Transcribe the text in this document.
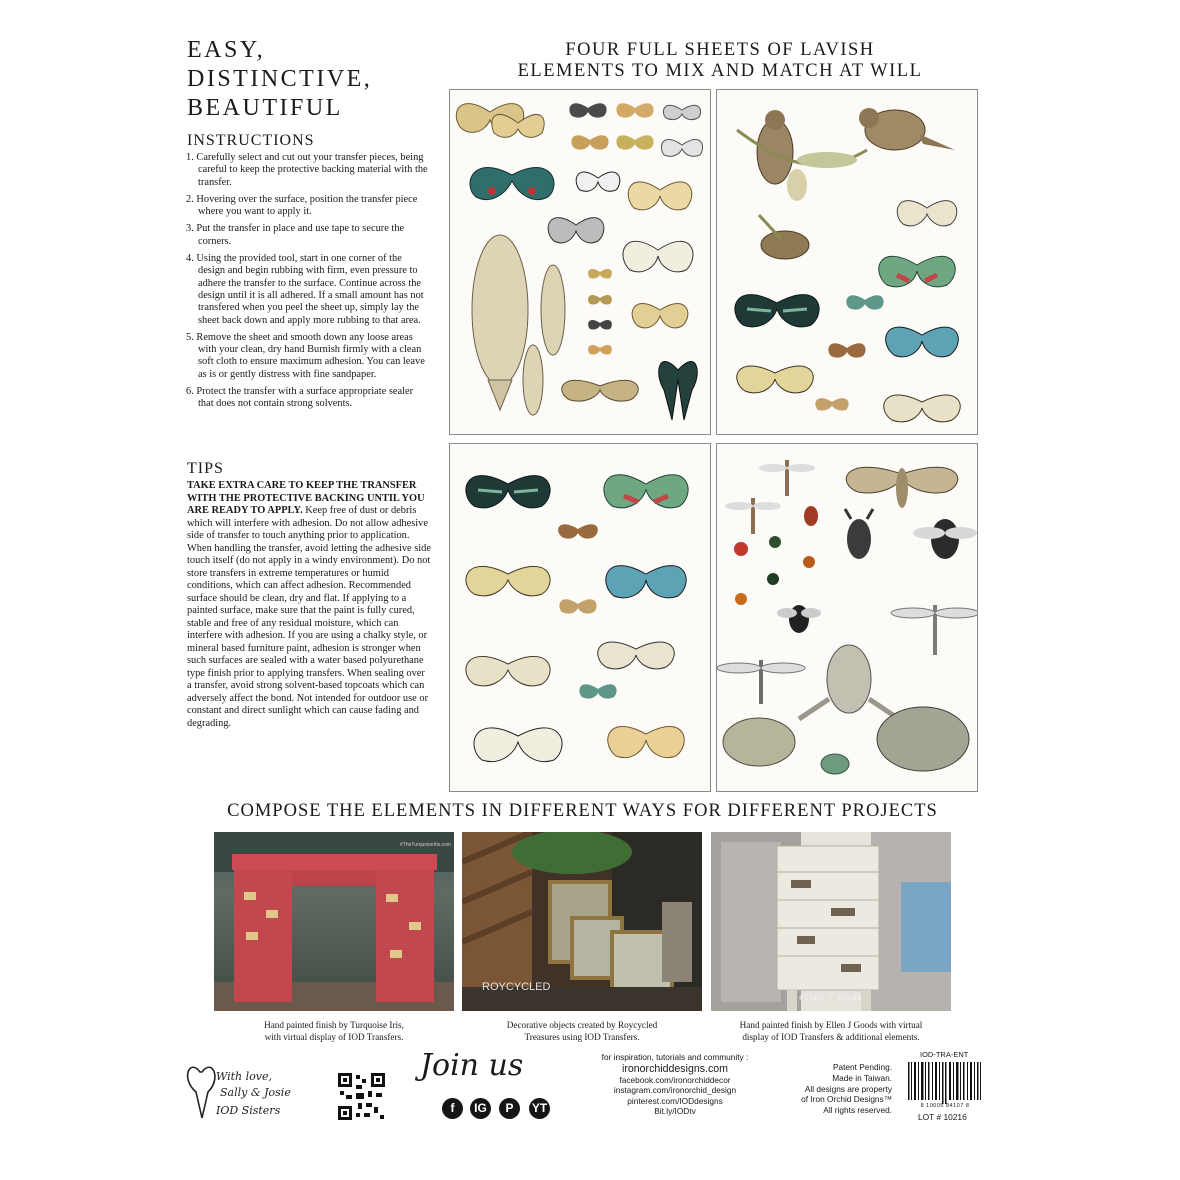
EASY,
DISTINCTIVE,
BEAUTIFUL
INSTRUCTIONS
1. Carefully select and cut out your transfer pieces, being careful to keep the protective backing material with the transfer.
2. Hovering over the surface, position the transfer piece where you want to apply it.
3. Put the transfer in place and use tape to secure the corners.
4. Using the provided tool, start in one corner of the design and begin rubbing with firm, even pressure to adhere the transfer to the surface. Continue across the design until it is all adhered. If a small amount has not transfered when you peel the sheet up, simply lay the sheet back down and apply more rubbing to that area.
5. Remove the sheet and smooth down any loose areas with your clean, dry hand Burnish firmly with a clean soft cloth to ensure maximum adhesion. You can leave as is or gently distress with fine sandpaper.
6. Protect the transfer with a surface appropriate sealer that does not contain strong solvents.
TIPS

TAKE EXTRA CARE TO KEEP THE TRANSFER WITH THE PROTECTIVE BACKING UNTIL YOU ARE READY TO APPLY. Keep free of dust or debris which will interfere with adhesion. Do not allow adhesive side of transfer to touch anything prior to application. When handling the transfer, avoid letting the adhesive side touch itself (do not apply in a windy environment). Do not store transfers in extreme temperatures or humid conditions, which can affect adhesion. Recommended surface should be clean, dry and flat. If applying to a painted surface, make sure that the paint is fully cured, stable and free of any residual moisture, which can interfere with adhesion. If you are using a chalky style, or mineral based furniture paint, adhesion is stronger when such surfaces are sealed with a water based polyurethane type finish prior to applying transfers. When sealing over a transfer, avoid strong solvent-based topcoats which can adversely affect the bond. Not intended for outdoor use or constant and direct sunlight which can cause fading and degrading.

FOUR FULL SHEETS OF LAVISH
ELEMENTS TO MIX AND MATCH AT WILL
COMPOSE THE ELEMENTS IN DIFFERENT WAYS FOR DIFFERENT PROJECTS
#TheTurquoiseIris.com
Hand painted finish by Turquoise Iris,
with virtual display of IOD Transfers.
ROYCYCLED
Decorative objects created by Roycycled
Treasures using IOD Transfers.
ellen j goods
Hand painted finish by Ellen J Goods with virtual
display of IOD Transfers & additional elements.
With love,
Sally & Josie
IOD Sisters
Join us
f	IG	P	YT
for inspiration, tutorials and community :
ironorchiddesigns.com
facebook.com/ironorchiddecor
instagram.com/ironorchid_design
pinterest.com/IODdesigns
Bit.ly/IODtv
Patent Pending.
Made in Taiwan.
All designs are property
of Iron Orchid Designs™
All rights reserved.
IOD-TRA-ENT
8 10005 84107 8
LOT # 10216
